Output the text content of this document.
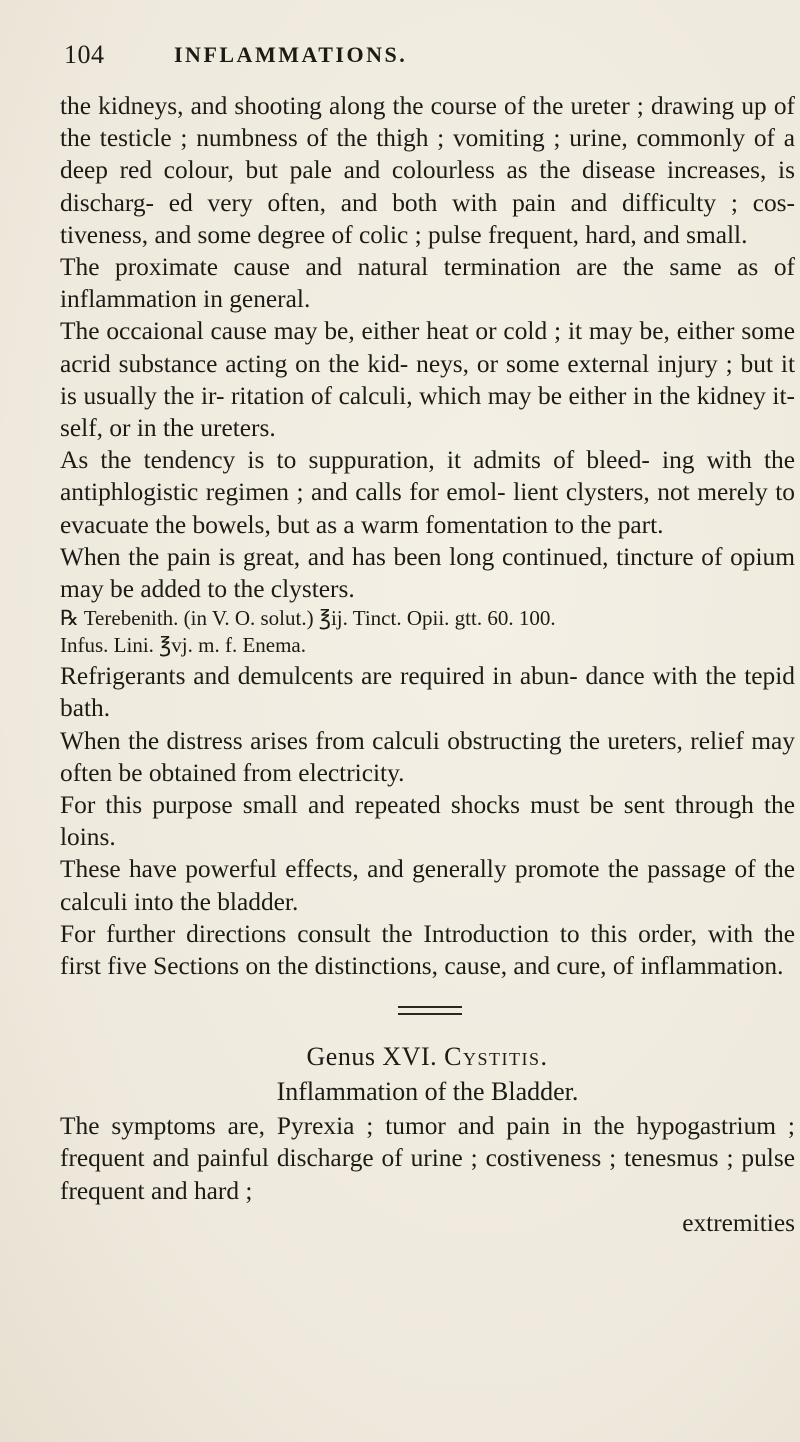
104	INFLAMMATIONS.

the kidneys, and shooting along the course of the ureter ; drawing up of the testicle ; numbness of the thigh ; vomiting ; urine, commonly of a deep red colour, but pale and colourless as the disease increases, is discharg- ed very often, and both with pain and difficulty ; cos- tiveness, and some degree of colic ; pulse frequent, hard, and small.

The proximate cause and natural termination are the same as of inflammation in general.

The occaional cause may be, either heat or cold ; it may be, either some acrid substance acting on the kid- neys, or some external injury ; but it is usually the ir- ritation of calculi, which may be either in the kidney it- self, or in the ureters.

As the tendency is to suppuration, it admits of bleed- ing with the antiphlogistic regimen ; and calls for emol- lient clysters, not merely to evacuate the bowels, but as a warm fomentation to the part.

When the pain is great, and has been long continued, tincture of opium may be added to the clysters.

℞ Terebenith. (in V. O. solut.) ℥ij. Tinct. Opii. gtt. 60. 100.
Infus. Lini. ℥vj. m. f. Enema.

Refrigerants and demulcents are required in abun- dance with the tepid bath.

When the distress arises from calculi obstructing the ureters, relief may often be obtained from electricity.

For this purpose small and repeated shocks must be sent through the loins.

These have powerful effects, and generally promote the passage of the calculi into the bladder.

For further directions consult the Introduction to this order, with the first five Sections on the distinctions, cause, and cure, of inflammation.

Genus XVI. Cystitis.
Inflammation of the Bladder.

The symptoms are, Pyrexia ; tumor and pain in the hypogastrium ; frequent and painful discharge of urine ; costiveness ; tenesmus ; pulse frequent and hard ;

extremities
